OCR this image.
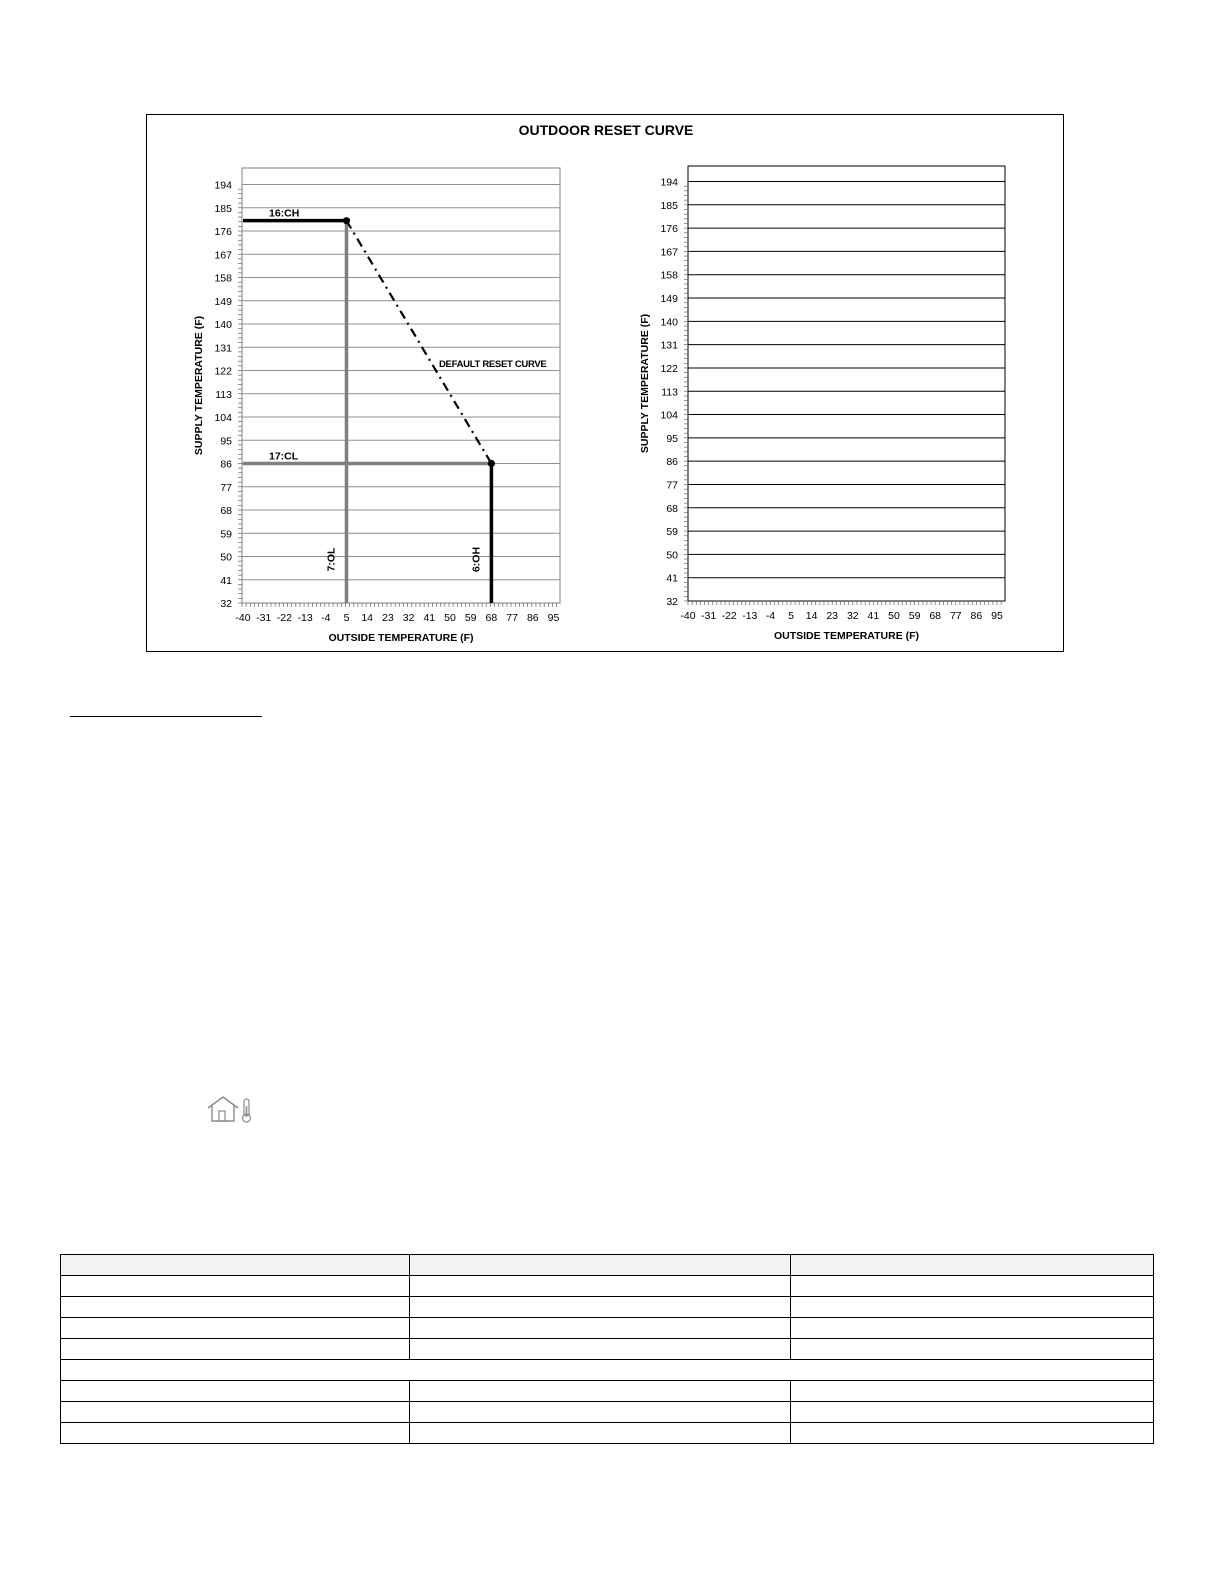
OUTDOOR RESET CURVE
32
41
50
59
68
77
86
95
104
113
122
131
140
149
158
167
176
185
194
-40 -31 -22 -13 -4 5 14 23 32 41 50 59 68 77 86 95
OUTSIDE TEMPERATURE (F)
SUPPLY TEMPERATURE (F)
16:CH
17:CL
7:OL	6:OH
DEFAULT RESET CURVE
32
41
50
59
68
77
86
95
104
113
122
131
140
149
158
167
176
185
194
-40 -31 -22 -13 -4 5 14 23 32 41 50 59 68 77 86 95
OUTSIDE TEMPERATURE (F)
SUPPLY TEMPERATURE (F)
